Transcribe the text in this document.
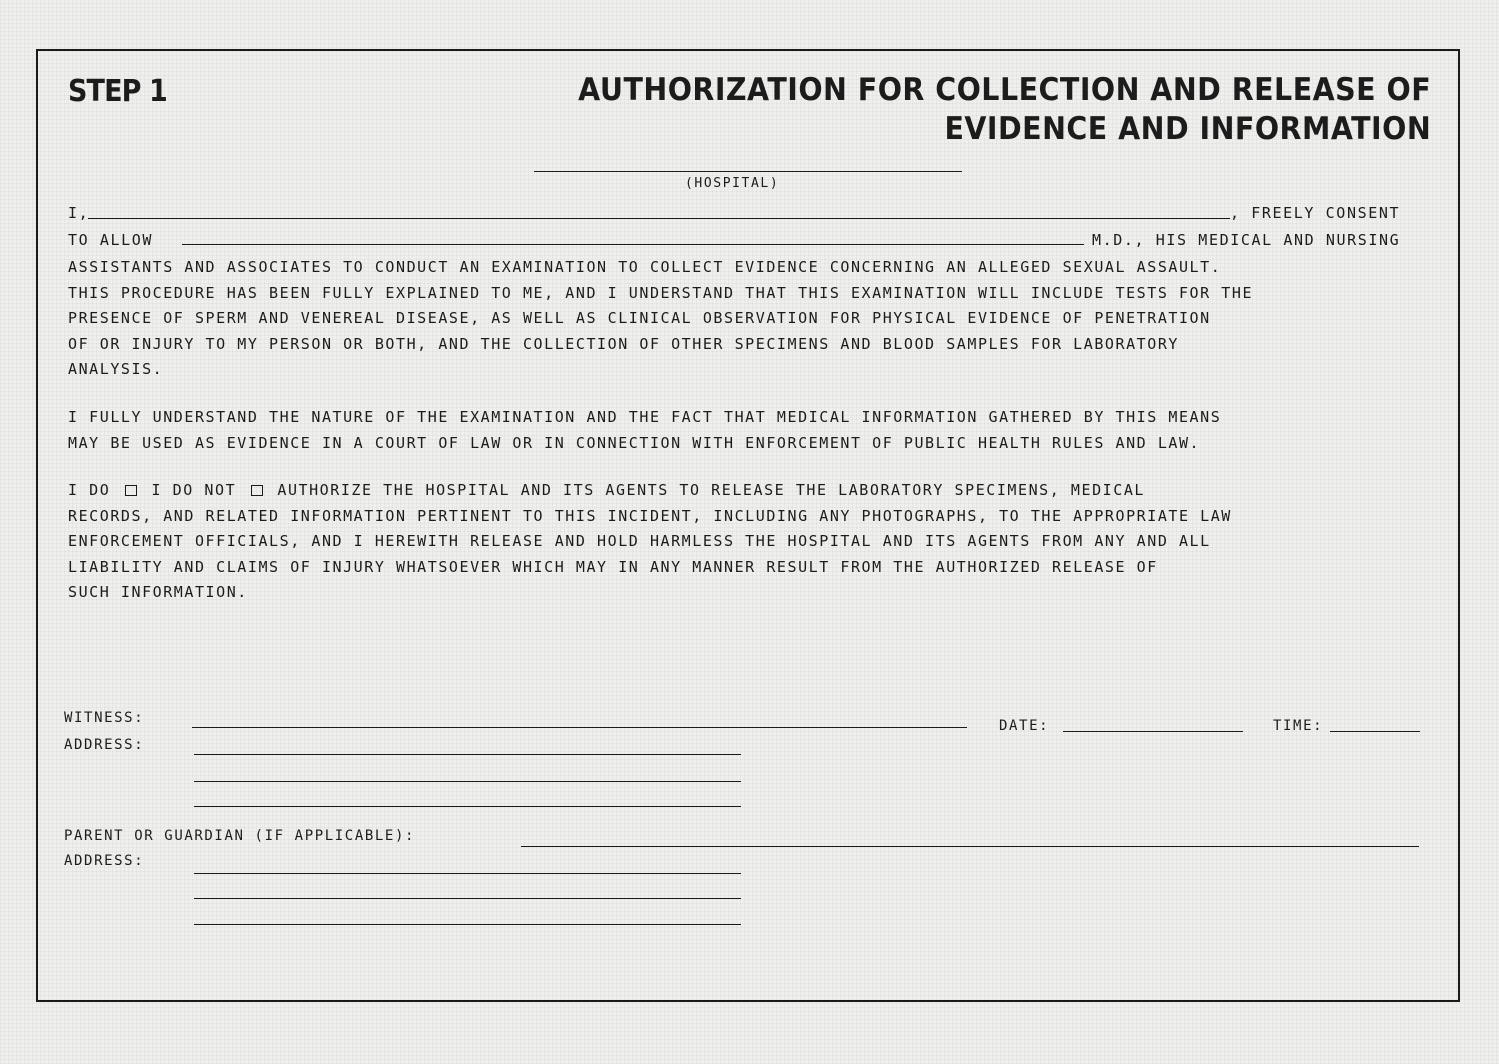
STEP 1	AUTHORIZATION FOR COLLECTION AND RELEASE OF
EVIDENCE AND INFORMATION

(HOSPITAL)

I,	, FREELY CONSENT

TO ALLOW	M.D., HIS MEDICAL AND NURSING

ASSISTANTS AND ASSOCIATES TO CONDUCT AN EXAMINATION TO COLLECT EVIDENCE CONCERNING AN ALLEGED SEXUAL ASSAULT.
THIS PROCEDURE HAS BEEN FULLY EXPLAINED TO ME, AND I UNDERSTAND THAT THIS EXAMINATION WILL INCLUDE TESTS FOR THE
PRESENCE OF SPERM AND VENEREAL DISEASE, AS WELL AS CLINICAL OBSERVATION FOR PHYSICAL EVIDENCE OF PENETRATION
OF OR INJURY TO MY PERSON OR BOTH, AND THE COLLECTION OF OTHER SPECIMENS AND BLOOD SAMPLES FOR LABORATORY
ANALYSIS.
I FULLY UNDERSTAND THE NATURE OF THE EXAMINATION AND THE FACT THAT MEDICAL INFORMATION GATHERED BY THIS MEANS
MAY BE USED AS EVIDENCE IN A COURT OF LAW OR IN CONNECTION WITH ENFORCEMENT OF PUBLIC HEALTH RULES AND LAW.
I DO	I DO NOT	AUTHORIZE THE HOSPITAL AND ITS AGENTS TO RELEASE THE LABORATORY SPECIMENS, MEDICAL
RECORDS, AND RELATED INFORMATION PERTINENT TO THIS INCIDENT, INCLUDING ANY PHOTOGRAPHS, TO THE APPROPRIATE LAW
ENFORCEMENT OFFICIALS, AND I HEREWITH RELEASE AND HOLD HARMLESS THE HOSPITAL AND ITS AGENTS FROM ANY AND ALL
LIABILITY AND CLAIMS OF INJURY WHATSOEVER WHICH MAY IN ANY MANNER RESULT FROM THE AUTHORIZED RELEASE OF
SUCH INFORMATION.

WITNESS:	DATE:	TIME:

ADDRESS:

PARENT OR GUARDIAN (IF APPLICABLE):

ADDRESS:
